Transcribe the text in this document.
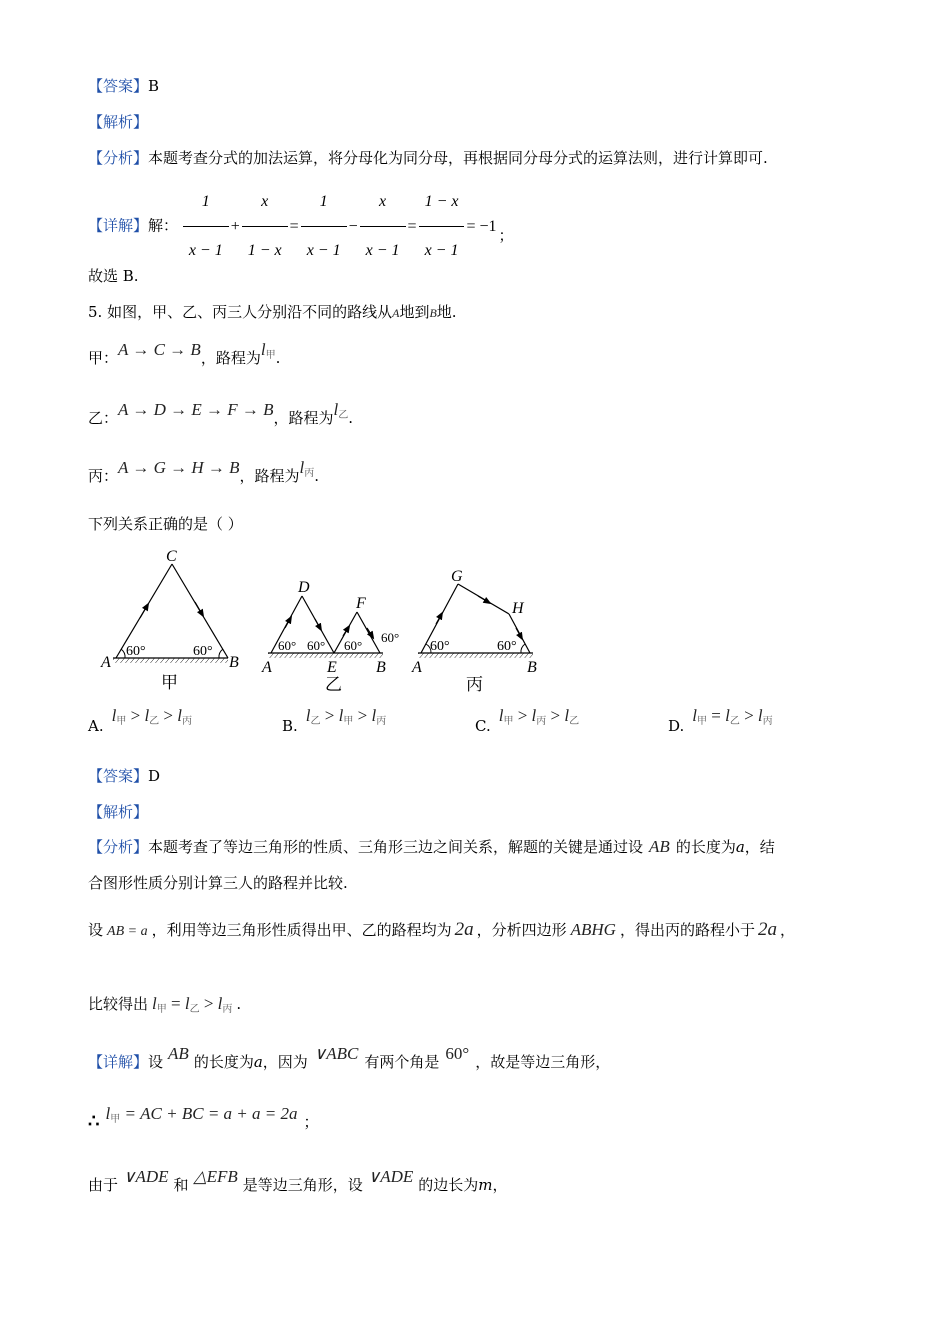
【答案】B
【解析】
【分析】本题考查分式的加法运算，将分母化为同分母，再根据同分母分式的运算法则，进行计算即可.
【详解】解： $\frac{1}{x - 1} + \frac{x}{1 - x} = \frac{1}{x - 1} - \frac{x}{x - 1} = \frac{1 - x}{x - 1} = -1$；
故选 B.
5. 如图，甲、乙、丙三人分别沿不同的路线从A地到B地.
甲：A → C → B，路程为$l_甲$.
乙：A → D → E → F → B，路程为$l_乙$.
丙：A → G → H → B，路程为$l_丙$.
下列关系正确的是（ ）
C
A	B
60°	60°
甲
D
F
A	E B
60° 60° 60°
60°
乙
G
H
A	B
60°	60°
丙
$A.l_甲 > l_乙 > l_丙$	$B.l_乙 > l_甲 > l_丙$	$C.l_甲 > l_丙 > l_乙$	$D.l_甲 = l_乙 > l_丙$
【答案】D
【解析】
【分析】本题考查了等边三角形的性质、三角形三边之间关系，解题的关键是通过设 AB 的长度为a，结
合图形性质分别计算三人的路程并比较.
设 AB = a ，利用等边三角形性质得出甲、乙的路程均为 2a ，分析四边形 ABHG ，得出丙的路程小于 2a ，
比较得出 $l_甲 = l_乙 > l_丙$ .
【详解】设 AB 的长度为a，因为 ∨ABC 有两个角是 60° ，故是等边三角形，
∴ $l_甲$ = AC + BC = a + a = 2a ；
由于 ∨ADE 和 △EFB 是等边三角形，设 ∨ADE 的边长为m，
